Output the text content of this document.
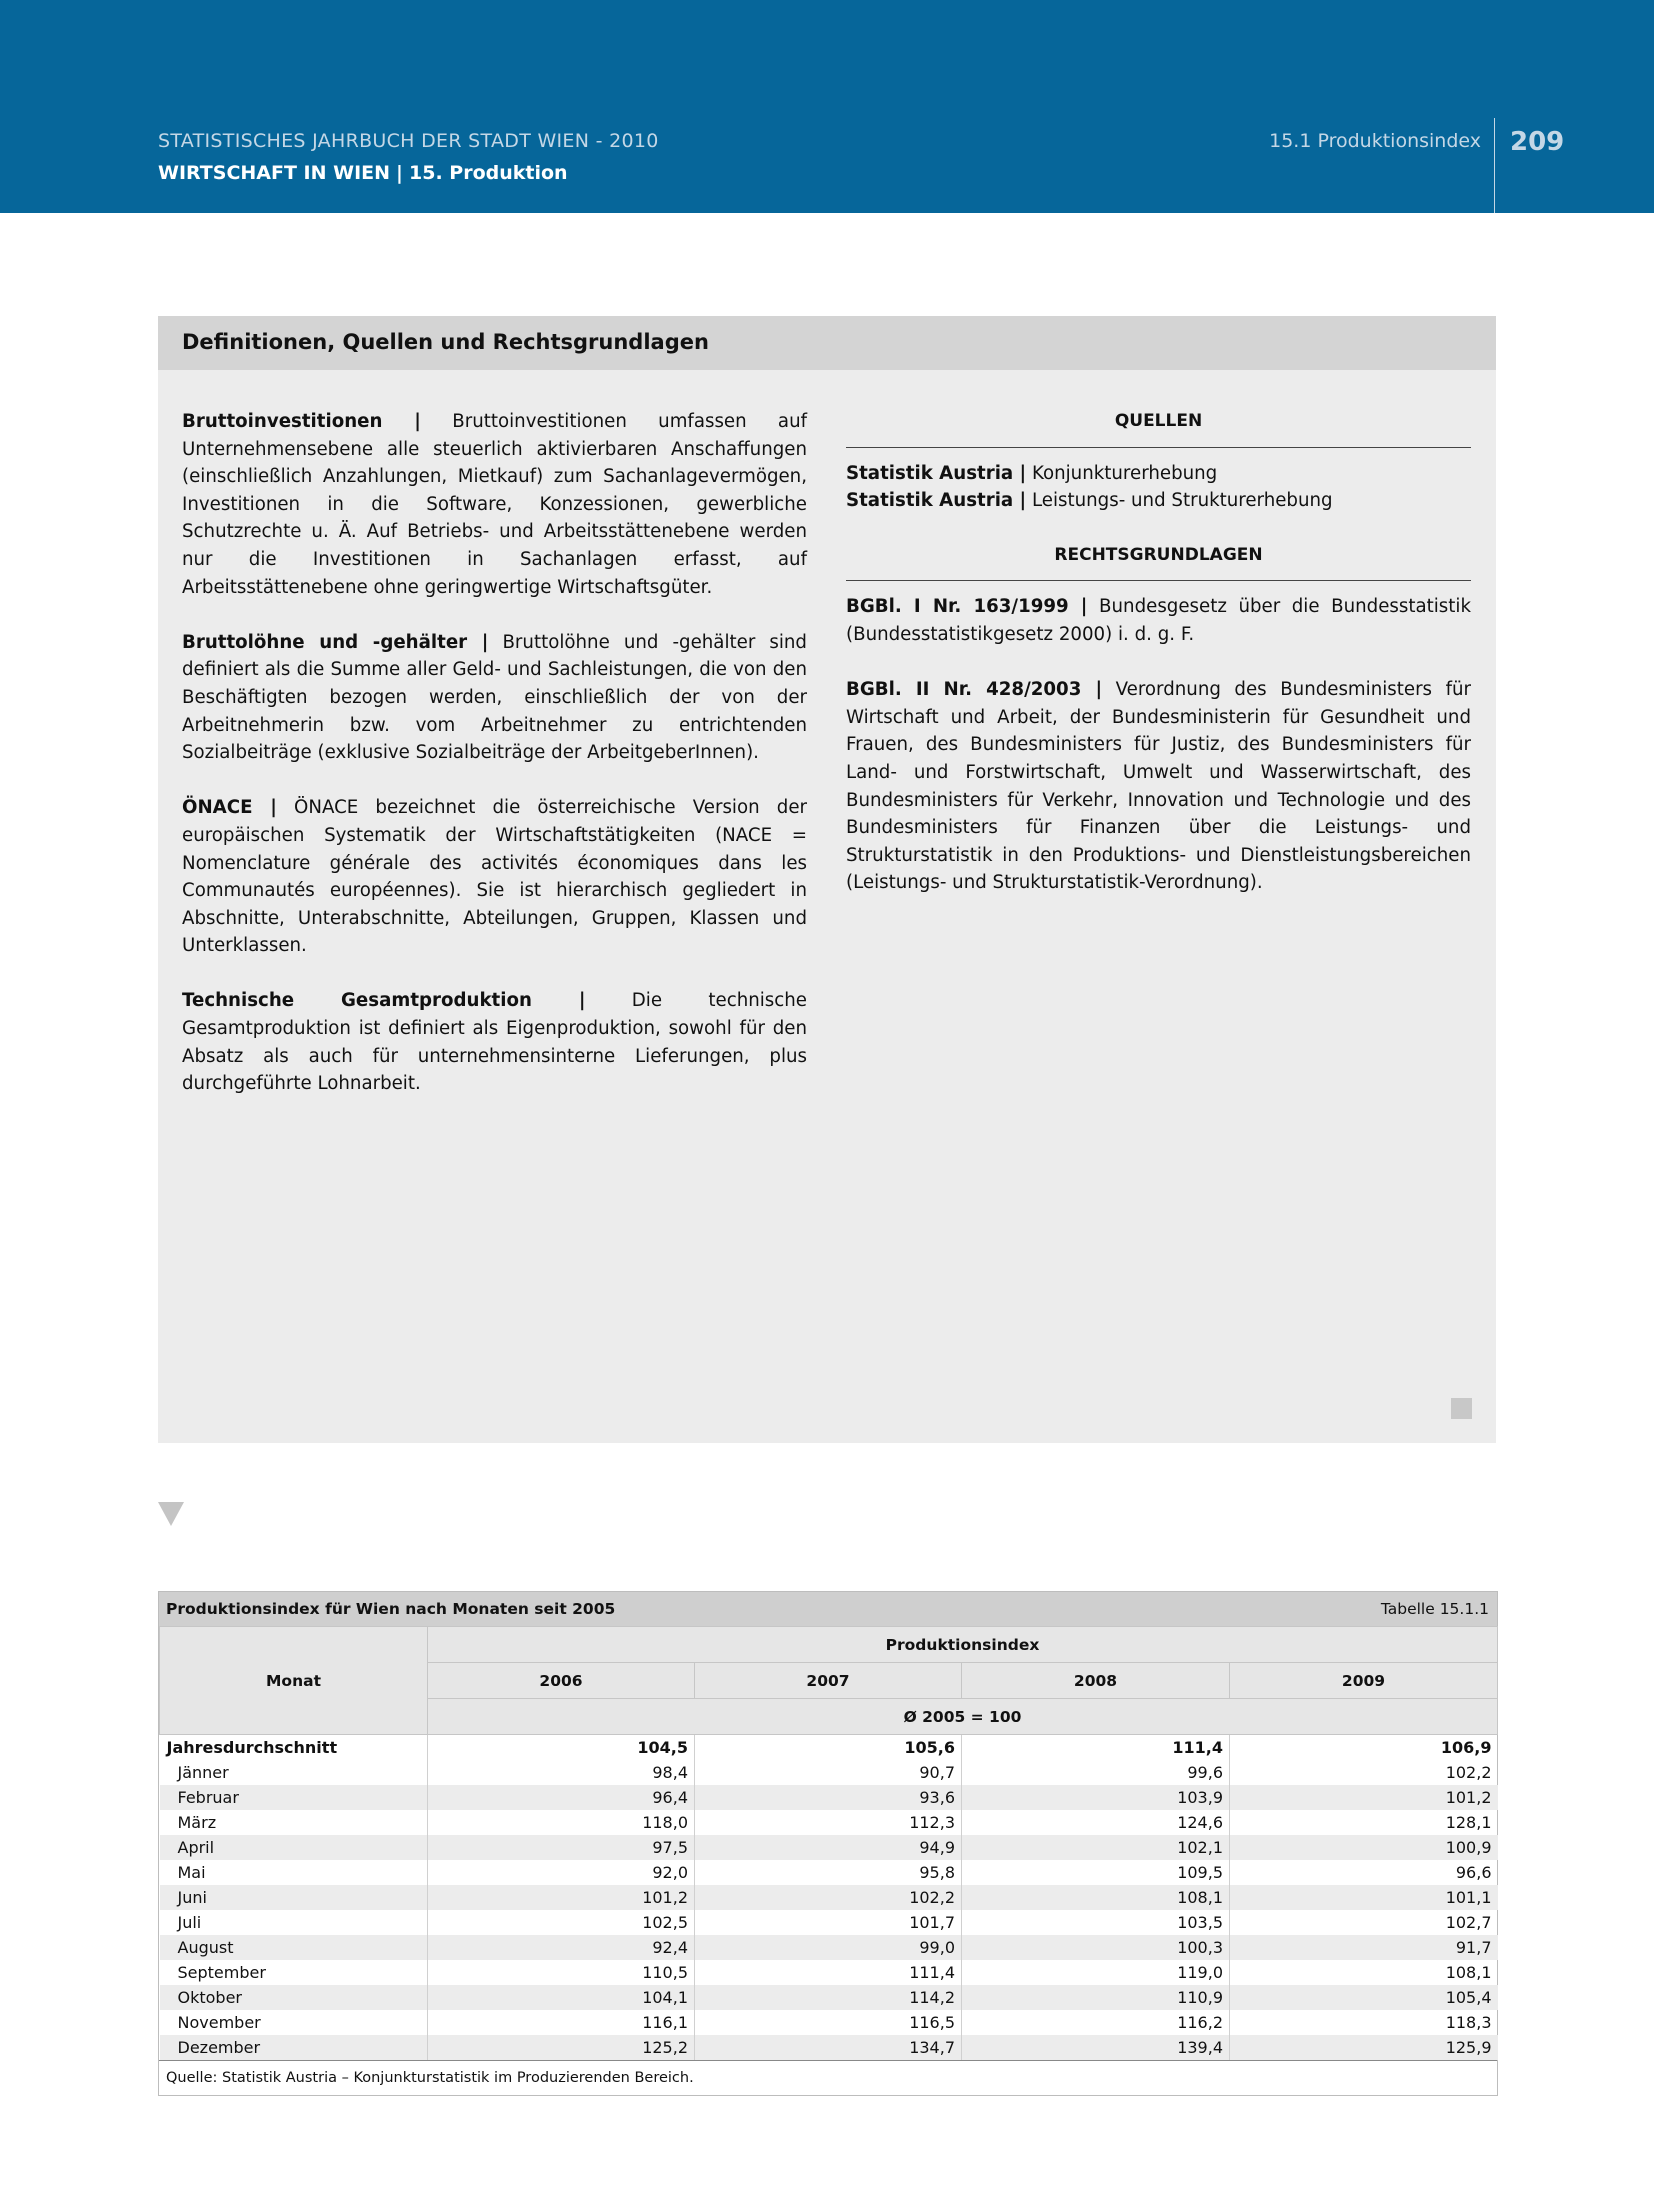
STATISTISCHES JAHRBUCH DER STADT WIEN - 2010
WIRTSCHAFT IN WIEN | 15. Produktion
15.1 Produktionsindex 209
Definitionen, Quellen und Rechtsgrundlagen

Bruttoinvestitionen | Bruttoinvestitionen umfassen auf Unternehmensebene alle steuerlich aktivierbaren Anschaffungen (einschließlich Anzahlungen, Mietkauf) zum Sachanlagevermögen, Investitionen in die Software, Konzessionen, gewerbliche Schutzrechte u. Ä. Auf Betriebs- und Arbeitsstättenebene werden nur die Investitionen in Sachanlagen erfasst, auf Arbeitsstättenebene ohne geringwertige Wirtschaftsgüter.

Bruttolöhne und -gehälter | Bruttolöhne und -gehälter sind definiert als die Summe aller Geld- und Sachleistungen, die von den Beschäftigten bezogen werden, einschließlich der von der Arbeitnehmerin bzw. vom Arbeitnehmer zu entrichtenden Sozialbeiträge (exklusive Sozialbeiträge der ArbeitgeberInnen).

ÖNACE | ÖNACE bezeichnet die österreichische Version der europäischen Systematik der Wirtschaftstätigkeiten (NACE = Nomenclature générale des activités économiques dans les Communautés européennes). Sie ist hierarchisch gegliedert in Abschnitte, Unterabschnitte, Abteilungen, Gruppen, Klassen und Unterklassen.

Technische Gesamtproduktion | Die technische Gesamtproduktion ist definiert als Eigenproduktion, sowohl für den Absatz als auch für unternehmensinterne Lieferungen, plus durchgeführte Lohnarbeit.

QUELLEN

Statistik Austria | Konjunkturerhebung

Statistik Austria | Leistungs- und Strukturerhebung

RECHTSGRUNDLAGEN

BGBl. I Nr. 163/1999 | Bundesgesetz über die Bundesstatistik (Bundesstatistikgesetz 2000) i. d. g. F.

BGBl. II Nr. 428/2003 | Verordnung des Bundesministers für Wirtschaft und Arbeit, der Bundesministerin für Gesundheit und Frauen, des Bundesministers für Justiz, des Bundesministers für Land- und Forstwirtschaft, Umwelt und Wasserwirtschaft, des Bundesministers für Verkehr, Innovation und Technologie und des Bundesministers für Finanzen über die Leistungs- und Strukturstatistik in den Produktions- und Dienstleistungsbereichen (Leistungs- und Strukturstatistik-Verordnung).

Produktionsindex für Wien nach Monaten seit 2005	Tabelle 15.1.1
Monat	Produktionsindex			
	2006	2007	2008	2009
	Ø 2005 = 100			
Jahresdurchschnitt	104,5	105,6	111,4	106,9
Jänner	98,4	90,7	99,6	102,2
Februar	96,4	93,6	103,9	101,2
März	118,0	112,3	124,6	128,1
April	97,5	94,9	102,1	100,9
Mai	92,0	95,8	109,5	96,6
Juni	101,2	102,2	108,1	101,1
Juli	102,5	101,7	103,5	102,7
August	92,4	99,0	100,3	91,7
September	110,5	111,4	119,0	108,1
Oktober	104,1	114,2	110,9	105,4
November	116,1	116,5	116,2	118,3
Dezember	125,2	134,7	139,4	125,9
Quelle: Statistik Austria – Konjunkturstatistik im Produzierenden Bereich.
